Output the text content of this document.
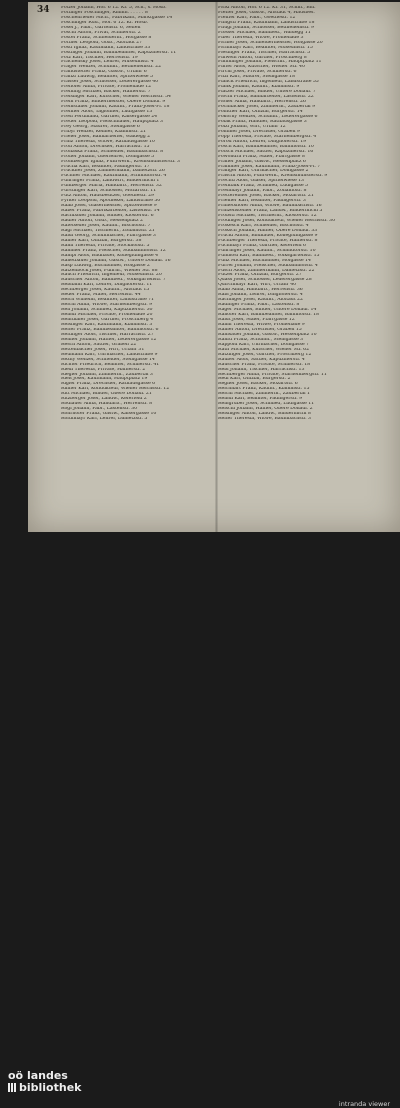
34 Pötzer Johann, Hör. 6 12. Kr. 5, Sch., s. Hosb.
Pöttinger Pöschinger, Rmmn. . . . . . 8
Poschenrieder Mich., Fabrikant, Marktgasse 14
Poschinger Rud., Hör. 6 12. Kr. Hosb.
Pösel J., Fabr., Gartenstr. 6, Seifen
Pöschl Anton, Privat, Schillerstr. 2
Postel Franz, Schneiderm., Hofgasse 8
Pöttner Leopold, Gtsb., Altstadt 27
Postl Ignaz, Kaufmann, Landstraße 33
Pöstinger Johann, Bahnbeamter, Kapuzinerstr. 11
Pötz Karl, Tischler, Herrenstr. 19
Prachensky Josef, Lehrer, Museumstr. 4
Prager Wenzel, Schuhm., Bethlehemstr. 22
Prandstetter Franz, Gastw., Urfahr 6
Pranzl Ludwig, Beamter, Spittelwiese 5
Prasser Josef, Schlosser, Lederergasse 40
Prehofer Anna, Private, Promenade 12
Preining Michael, Bäcker, Hafnerstr. 7
Preisinger Karl, Kutscher, Wiener Reichsstr. 54
Prem Franz, Bindermeister, Obere Donaul. 9
Premstaller Johann, Kaufm., Franz-Josef-Pl. 18
Prenner Alois, Taglöhner, Ludlgasse 13
Presl Ferdinand, Gärtner, Kaisergasse 24
Preuer Leopold, Fleischhauer, Hauptplatz 3
Prey Georg, Maurer, Steingasse 6
Pribyl Wenzel, Kellner, Klammstr. 21
Prieler Josef, Bahnarbeiter, Waldegg 2
Prinz Theresia, Witwe, Rathausgasse 10
Pröll Anton, Drechsler, Harrachstr. 15
Prohaska Franz, Schneider, Baumbachstr. 8
Pröller Johann, Oberlehrer, Domgasse 5
Promberger Ignaz, Fuhrwerk., Kremsmünsterstr. 3
Prucha Karl, Beamter, Fadingerstr. 17
Pruckner Josef, Zimmermann, Dametzstr. 26
Puchner Michael, Kaufmann, Schmidtorstr. 4
Pühringer Franz, Landwirt, Bindermichl 1
Pumberger Maria, Handarb., Herrenstr. 32
Pürstinger Karl, Schlosser, Mozartstr. 11
Putz Anton, Hausbesitzer, Goethestr. 29
Pyrker Leopold, Apotheker, Landstraße 50
Raab Josef, Glasermeister, Spittelwiese 9
Raber Franz, Fabrikarbeiter, Lastenstr. 14
Rachbauer Johann, Binder, Klosterstr. 6
Radler Anton, Gtsb., Hessenplatz 2
Rafetseder Josef, Kaufm., Bischofstr. 7
Ragl Michael, Tischlerm., Zollamtstr. 21
Raidl Georg, Schuhmacher, Pfarrgasse 3
Rainer Karl, Offizial, Bürgerstr. 38
Raml Theresia, Private, Stockhofstr. 5
Rammer Franz, Fleischer, Südbahnhofstr. 12
Rampl Alois, Bildhauer, Kollegiumgasse 4
Ranetbauer Johann, Gastw., Untere Donaul. 16
Rasp Ludwig, Buchbinder, Hofgasse 2
Ratzenböck Josef, Fuhrm., Wiener Str. 88
Rauch Friedrich, Ingenieur, Museumstr. 20
Rauscher Anton, Bahnbed., Volksgartenstr. 7
Rebhahn Karl, Lehrer, Dinghoferstr. 11
Rechberger Josef, Kaufm., Altstadt 15
Reder Franz, Maler, Herrenstr. 44
Reich Wilhelm, Beamter, Landstraße 71
Reichl Anna, Witwe, Starhembergstr. 9
Reif Johann, Schmied, Kapuzinerstr. 30
Reindl Michael, Private, Promenade 20
Reinthaler Josef, Gärtner, Froschberg 4
Reisinger Karl, Kaufmann, Klammstr. 3
Reiter Franz, Bahnbeamter, Bahnhofstr. 6
Reitinger Alois, Tischler, Harrachstr. 27
Renner Johann, Hafner, Lederergasse 12
Resch Anton, Sattler, Graben 22
Rettenbacher Josef, Wirt, Urfahr 31
Reumann Karl, Uhrmacher, Landstraße 9
Rezny Wenzel, Schneider, Steingasse 14
Richter Friedrich, Beamter, Schillerstr. 41
Riedl Theresia, Private, Hafnerstr. 2
Riegler Johann, Zimmerm., Zaubertal 3
Rieß Josef, Kaufmann, Hauptplatz 19
Rigler Franz, Drechsler, Rathausgasse 6
Rinner Karl, Kondukteur, Wiener Reichsstr. 12
Ritt Michael, Binder, Obere Donaul. 21
Ritzberger Josef, Landw., Keferfeld 2
Rodlauer Anna, Handarb., Herrenstr. 8
Rögl Johann, Fabr., Lastenstr. 30
Rohrhofer Franz, Gastw., Kaisergasse 10
Roithmayr Karl, Lehrer, Dametzstr. 5
Pickl Anton, Hör. 6 12. Kr. 31, Schm., Bhf.
Pfeffer Josef, Gastw., Altstadt 4, Hausbes.
Pfeiffer Karl, Fabr., Goethestr. 12
Pfingstl Franz, Kaufmann, Landstraße 18
Pflügl Johann, Schlosser, Bethlehemstr. 9
Pfosser Michael, Bahnbed., Waldegg 11
Piber Theresia, Witwe, Promenade 3
Pichler Josef, Schneidermeister, Hofgasse 20
Pichlmayr Karl, Beamter, Museumstr. 15
Piesinger Franz, Tischler, Harrachstr. 5
Pillwein Anton, Gärtner, Froschberg 8
Pimminger Johann, Fleischh., Hauptplatz 11
Pinter Alois, Kutscher, Wiener Str. 40
Pirchl Josef, Private, Schillerstr. 6
Pitzl Karl, Maurer, Steingasse 18
Planck Friedrich, Ingenieur, Landstraße 55
Plank Johann, Kaufm., Klammstr. 9
Platzer Michael, Binder, Untere Donaul. 7
Plöchl Franz, Bahnarbeiter, Lastenstr. 22
Ploner Anna, Handarb., Herrenstr. 26
Pöchhacker Josef, Zimmerm., Zaubertal 9
Pointner Karl, Offizial, Bürgerstr. 14
Pokorny Wenzel, Schuhm., Lederergasse 6
Polak Franz, Händler, Rathausgasse 3
Pölzl Johann, Wirt, Urfahr 12
Pommer Josef, Drechsler, Graben 9
Popp Theresia, Private, Starhembergstr. 4
Porod Anton, Lehrer, Dinghoferstr. 19
Posch Karl, Bahnbeamter, Bahnhofstr. 10
Pötsch Michael, Sattler, Kapuzinerstr. 16
Powondra Franz, Maler, Pfarrgasse 8
Praher Johann, Gastw., Hessenplatz 6
Prammer Josef, Kaufmann, Franz-Josef-Pl. 7
Pranger Karl, Uhrmacher, Domgasse 2
Praschl Anton, Fuhrwerk., Kremsmünsterstr. 9
Prechtl Alois, Glaser, Spittelwiese 13
Preinfalk Franz, Schmied, Ludlgasse 5
Preslmayr Johann, Fabr., Zollamtstr. 8
Pretterebner Josef, Bäcker, Mozartstr. 21
Priemer Karl, Beamter, Fadingerstr. 3
Primetshofer Anna, Witwe, Baumbachstr. 16
Prinzensteiner Franz, Landw., Bindermichl 5
Pröbstl Michael, Tischlerm., Klosterstr. 12
Prodinger Josef, Kondukteur, Wiener Reichsstr. 30
Prokesch Karl, Schneider, Bischofstr. 4
Proksch Johann, Hafner, Obere Donaul. 33
Prückl Anton, Bildhauer, Kollegiumgasse 9
Puchberger Theresia, Private, Hafnerstr. 8
Puchmayr Franz, Gärtner, Keferfeld 6
Pühringer Josef, Kaufm., Schmidtorstr. 10
Pumhösl Karl, Bahnbed., Volksgartenstr. 15
Punz Michael, Buchbinder, Hofgasse 14
Purrer Johann, Fleischer, Südbahnhofstr. 4
Pusch Alois, Zimmermann, Dametzstr. 22
Putzer Franz, Offizial, Bürgerstr. 27
Quass Josef, Schlosser, Lederergasse 28
Quirchmayr Karl, Wirt, Urfahr 40
Raab Anna, Handarb., Herrenstr. 36
Rabl Johann, Lehrer, Dinghoferstr. 4
Rachinger Josef, Kaufm., Altstadt 22
Radinger Franz, Fabr., Lastenstr. 8
Rager Michael, Binder, Untere Donaul. 14
Rahofer Karl, Bahnbeamter, Bahnhofstr. 18
Raidt Josef, Maler, Pfarrgasse 12
Raiml Theresia, Witwe, Promenade 9
Rainer Anton, Drechsler, Graben 15
Ramsauer Johann, Gastw., Hessenplatz 10
Ranftl Franz, Schuhm., Steingasse 3
Rappold Karl, Uhrmacher, Domgasse 7
Rath Michael, Kutscher, Wiener Str. 62
Ratzinger Josef, Gärtner, Froschberg 12
Rauber Alois, Sattler, Kapuzinerstr. 4
Rauscher Franz, Private, Schillerstr. 18
Rebl Johann, Tischler, Harrachstr. 13
Rechberger Anna, Private, Starhembergstr. 11
Redl Karl, Offizial, Bürgerstr. 2
Regner Josef, Bäcker, Mozartstr. 6
Reichhart Franz, Kaufm., Klammstr. 15
Reichl Michael, Zimmerm., Zaubertal 1
Reindl Karl, Beamter, Fadingerstr. 9
Reingruber Josef, Schmied, Ludlgasse 11
Reischl Johann, Hafner, Obere Donaul. 2
Reisinger Anton, Landw., Bindermichl 8
Reiter Theresia, Witwe, Baumbachstr. 3
oö landes
bibliothek
intranda viewer
